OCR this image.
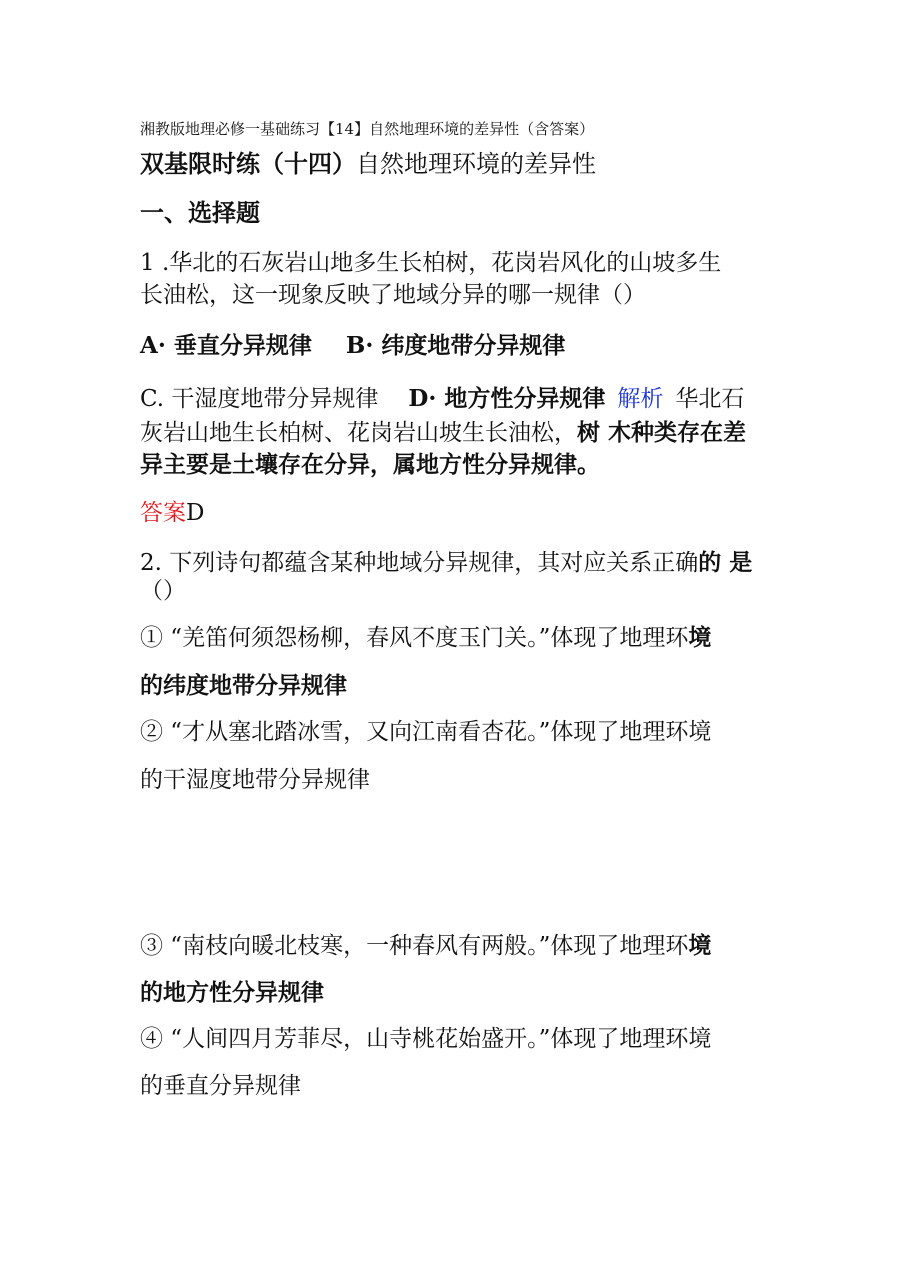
湘教版地理必修一基础练习【14】自然地理环境的差异性（含答案）
双基限时练（十四）自然地理环境的差异性
一、选择题
1 .华北的石灰岩山地多生长柏树，花岗岩风化的山坡多生
长油松，这一现象反映了地域分异的哪一规律（）
A· 垂直分异规律 B· 纬度地带分异规律
C. 干湿度地带分异规律 D· 地方性分异规律 解析 华北石
灰岩山地生长柏树、花岗岩山坡生长油松，树 木种类存在差
异主要是土壤存在分异，属地方性分异规律。
答案D
2. 下列诗句都蕴含某种地域分异规律，其对应关系正确的 是
（）
① “羌笛何须怨杨柳，春风不度玉门关。”体现了地理环境
的纬度地带分异规律
② “才从塞北踏冰雪，又向江南看杏花。”体现了地理环境
的干湿度地带分异规律
③ “南枝向暖北枝寒，一种春风有两般。”体现了地理环境
的地方性分异规律
④ “人间四月芳菲尽，山寺桃花始盛开。”体现了地理环境
的垂直分异规律
